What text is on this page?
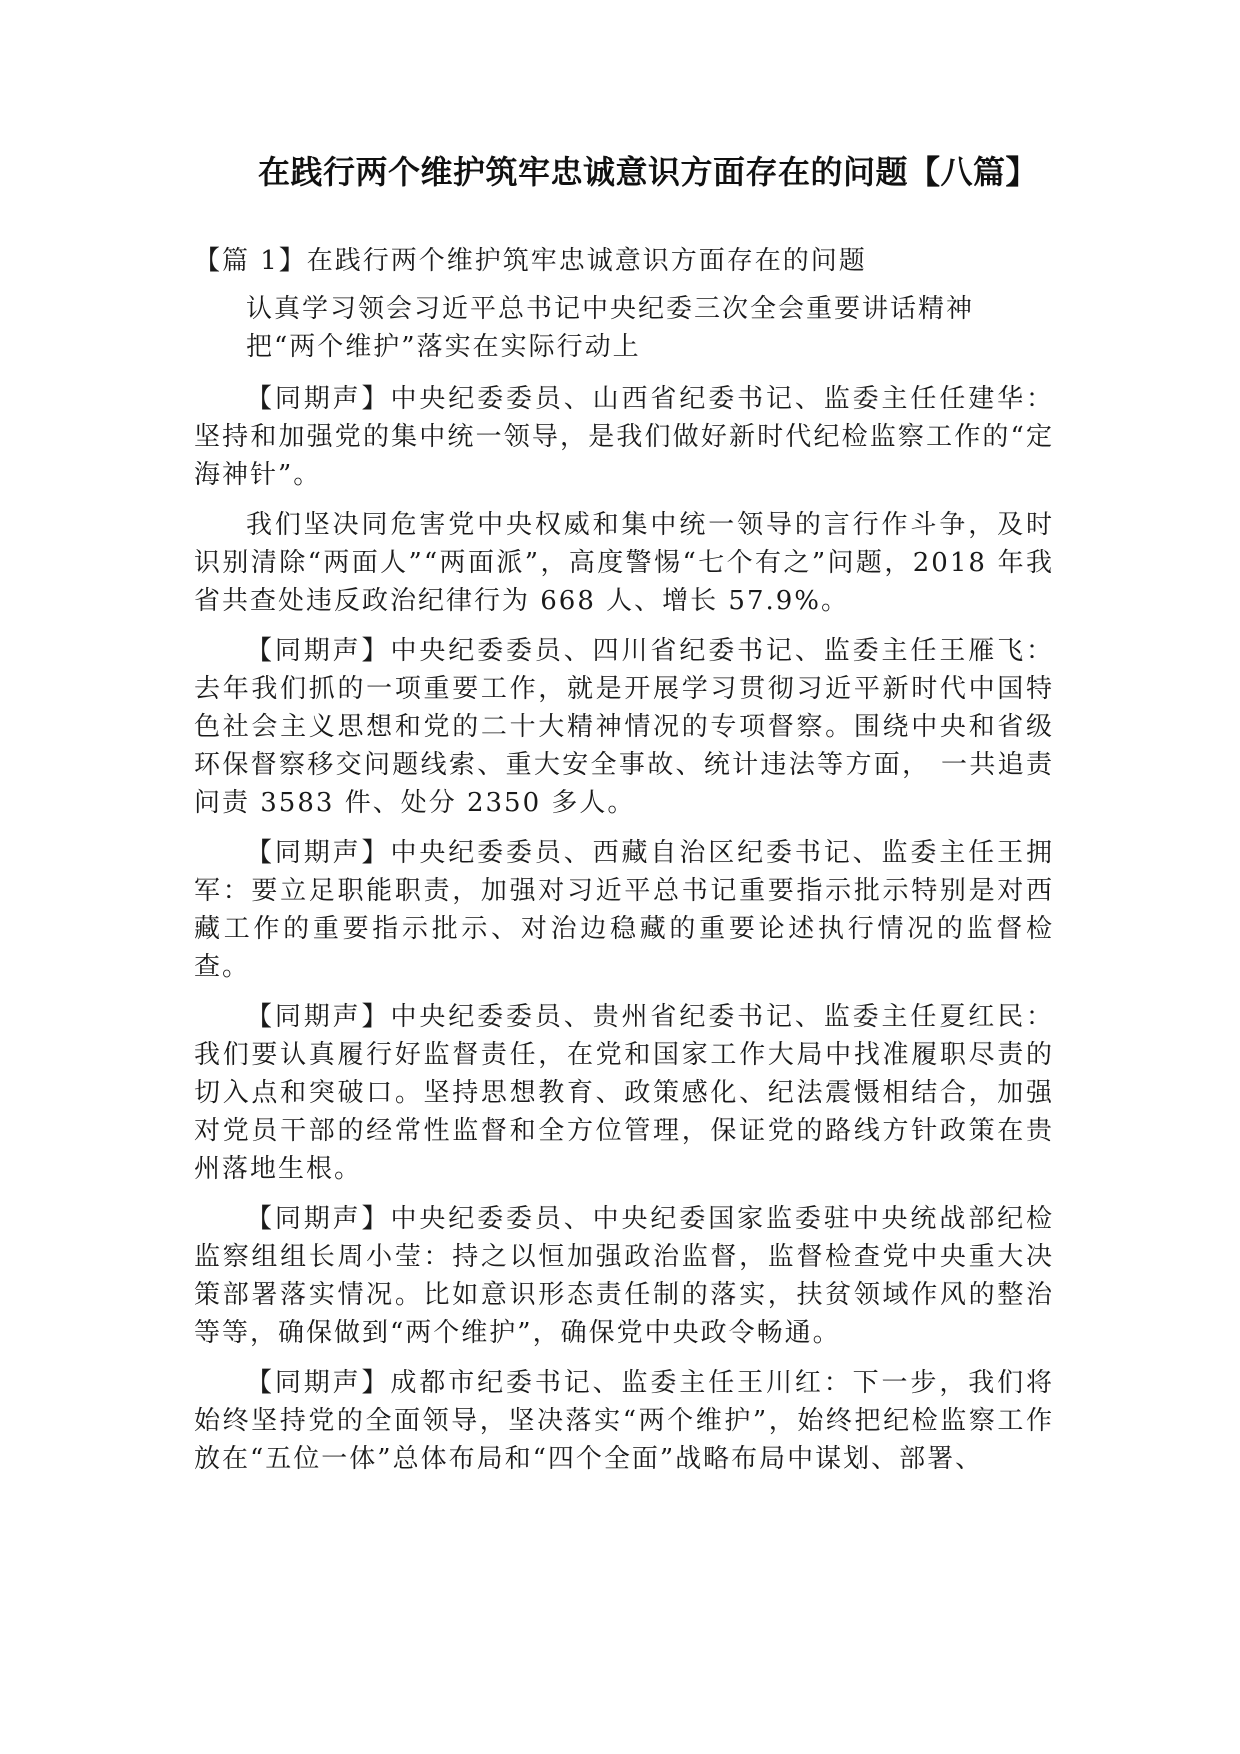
在践行两个维护筑牢忠诚意识方面存在的问题【八篇】

【篇 1】在践行两个维护筑牢忠诚意识方面存在的问题

认真学习领会习近平总书记中央纪委三次全会重要讲话精神

把“两个维护”落实在实际行动上

【同期声】中央纪委委员、山西省纪委书记、监委主任任建华：坚持和加强党的集中统一领导，是我们做好新时代纪检监察工作的“定海神针”。

我们坚决同危害党中央权威和集中统一领导的言行作斗争，及时识别清除“两面人”“两面派”，高度警惕“七个有之”问题，2018 年我省共查处违反政治纪律行为 668 人、增长 57.9%。

【同期声】中央纪委委员、四川省纪委书记、监委主任王雁飞：去年我们抓的一项重要工作，就是开展学习贯彻习近平新时代中国特色社会主义思想和党的二十大精神情况的专项督察。围绕中央和省级环保督察移交问题线索、重大安全事故、统计违法等方面， 一共追责问责 3583 件、处分 2350 多人。

【同期声】中央纪委委员、西藏自治区纪委书记、监委主任王拥军：要立足职能职责，加强对习近平总书记重要指示批示特别是对西藏工作的重要指示批示、对治边稳藏的重要论述执行情况的监督检查。

【同期声】中央纪委委员、贵州省纪委书记、监委主任夏红民：我们要认真履行好监督责任，在党和国家工作大局中找准履职尽责的切入点和突破口。坚持思想教育、政策感化、纪法震慑相结合，加强对党员干部的经常性监督和全方位管理，保证党的路线方针政策在贵州落地生根。

【同期声】中央纪委委员、中央纪委国家监委驻中央统战部纪检监察组组长周小莹：持之以恒加强政治监督，监督检查党中央重大决策部署落实情况。比如意识形态责任制的落实，扶贫领域作风的整治等等，确保做到“两个维护”，确保党中央政令畅通。

【同期声】成都市纪委书记、监委主任王川红：下一步，我们将始终坚持党的全面领导，坚决落实“两个维护”，始终把纪检监察工作放在“五位一体”总体布局和“四个全面”战略布局中谋划、部署、
